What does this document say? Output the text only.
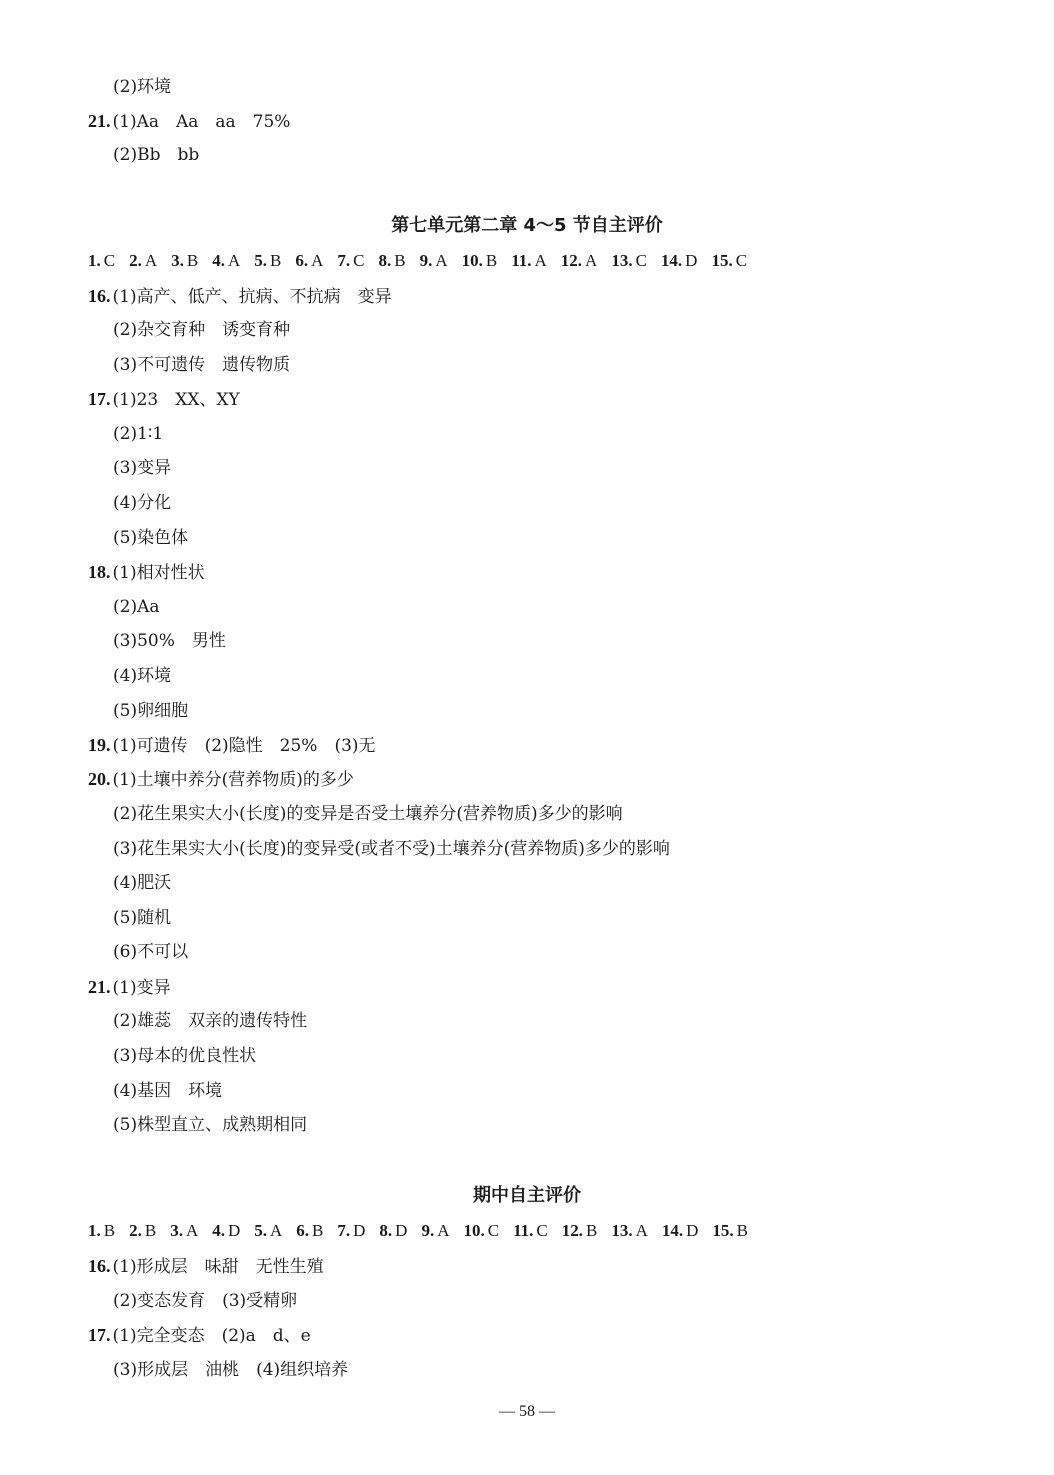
(2)环境
21. (1)Aa　Aa　aa　75%
(2)Bb　bb
第七单元第二章 4～5 节自主评价
1. C 2. A 3. B 4. A 5. B 6. A 7. C 8. B 9. A 10. B 11. A 12. A 13. C 14. D 15. C
16. (1)高产、低产、抗病、不抗病　变异
(2)杂交育种　诱变育种
(3)不可遗传　遗传物质
17. (1)23　XX、XY
(2)1∶1
(3)变异
(4)分化
(5)染色体
18. (1)相对性状
(2)Aa
(3)50%　男性
(4)环境
(5)卵细胞
19. (1)可遗传　(2)隐性　25%　(3)无
20. (1)土壤中养分(营养物质)的多少
(2)花生果实大小(长度)的变异是否受土壤养分(营养物质)多少的影响
(3)花生果实大小(长度)的变异受(或者不受)土壤养分(营养物质)多少的影响
(4)肥沃
(5)随机
(6)不可以
21. (1)变异
(2)雄蕊　双亲的遗传特性
(3)母本的优良性状
(4)基因　环境
(5)株型直立、成熟期相同
期中自主评价
1. B 2. B 3. A 4. D 5. A 6. B 7. D 8. D 9. A 10. C 11. C 12. B 13. A 14. D 15. B
16. (1)形成层　味甜　无性生殖
(2)变态发育　(3)受精卵
17. (1)完全变态　(2)a　d、e
(3)形成层　油桃　(4)组织培养
— 58 —
